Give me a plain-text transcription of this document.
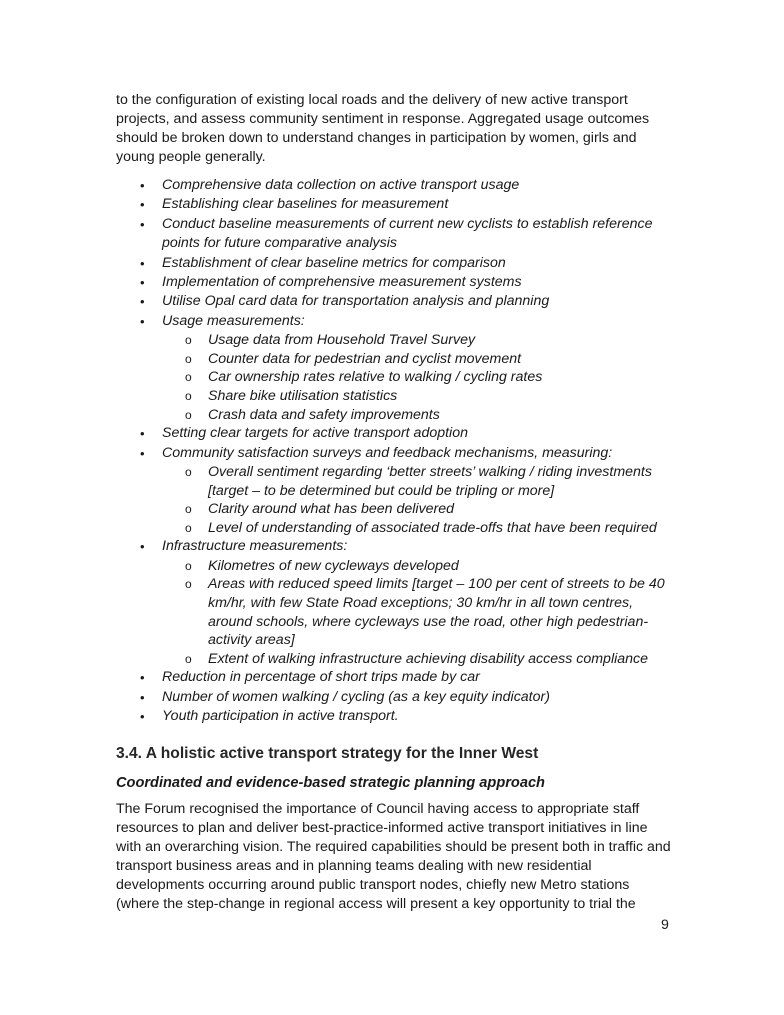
to the configuration of existing local roads and the delivery of new active transport projects, and assess community sentiment in response. Aggregated usage outcomes should be broken down to understand changes in participation by women, girls and young people generally.

• Comprehensive data collection on active transport usage
• Establishing clear baselines for measurement
• Conduct baseline measurements of current new cyclists to establish reference points for future comparative analysis
• Establishment of clear baseline metrics for comparison
• Implementation of comprehensive measurement systems
• Utilise Opal card data for transportation analysis and planning
• Usage measurements:
o Usage data from Household Travel Survey
o Counter data for pedestrian and cyclist movement
o Car ownership rates relative to walking / cycling rates
o Share bike utilisation statistics
o Crash data and safety improvements
• Setting clear targets for active transport adoption
• Community satisfaction surveys and feedback mechanisms, measuring:
o Overall sentiment regarding ‘better streets’ walking / riding investments [target – to be determined but could be tripling or more]
o Clarity around what has been delivered
o Level of understanding of associated trade-offs that have been required
• Infrastructure measurements:
o Kilometres of new cycleways developed
o Areas with reduced speed limits [target – 100 per cent of streets to be 40 km/hr, with few State Road exceptions; 30 km/hr in all town centres, around schools, where cycleways use the road, other high pedestrian-activity areas]
o Extent of walking infrastructure achieving disability access compliance
• Reduction in percentage of short trips made by car
• Number of women walking / cycling (as a key equity indicator)
• Youth participation in active transport.
3.4. A holistic active transport strategy for the Inner West
Coordinated and evidence-based strategic planning approach

The Forum recognised the importance of Council having access to appropriate staff resources to plan and deliver best-practice-informed active transport initiatives in line with an overarching vision. The required capabilities should be present both in traffic and transport business areas and in planning teams dealing with new residential developments occurring around public transport nodes, chiefly new Metro stations (where the step-change in regional access will present a key opportunity to trial the

9
